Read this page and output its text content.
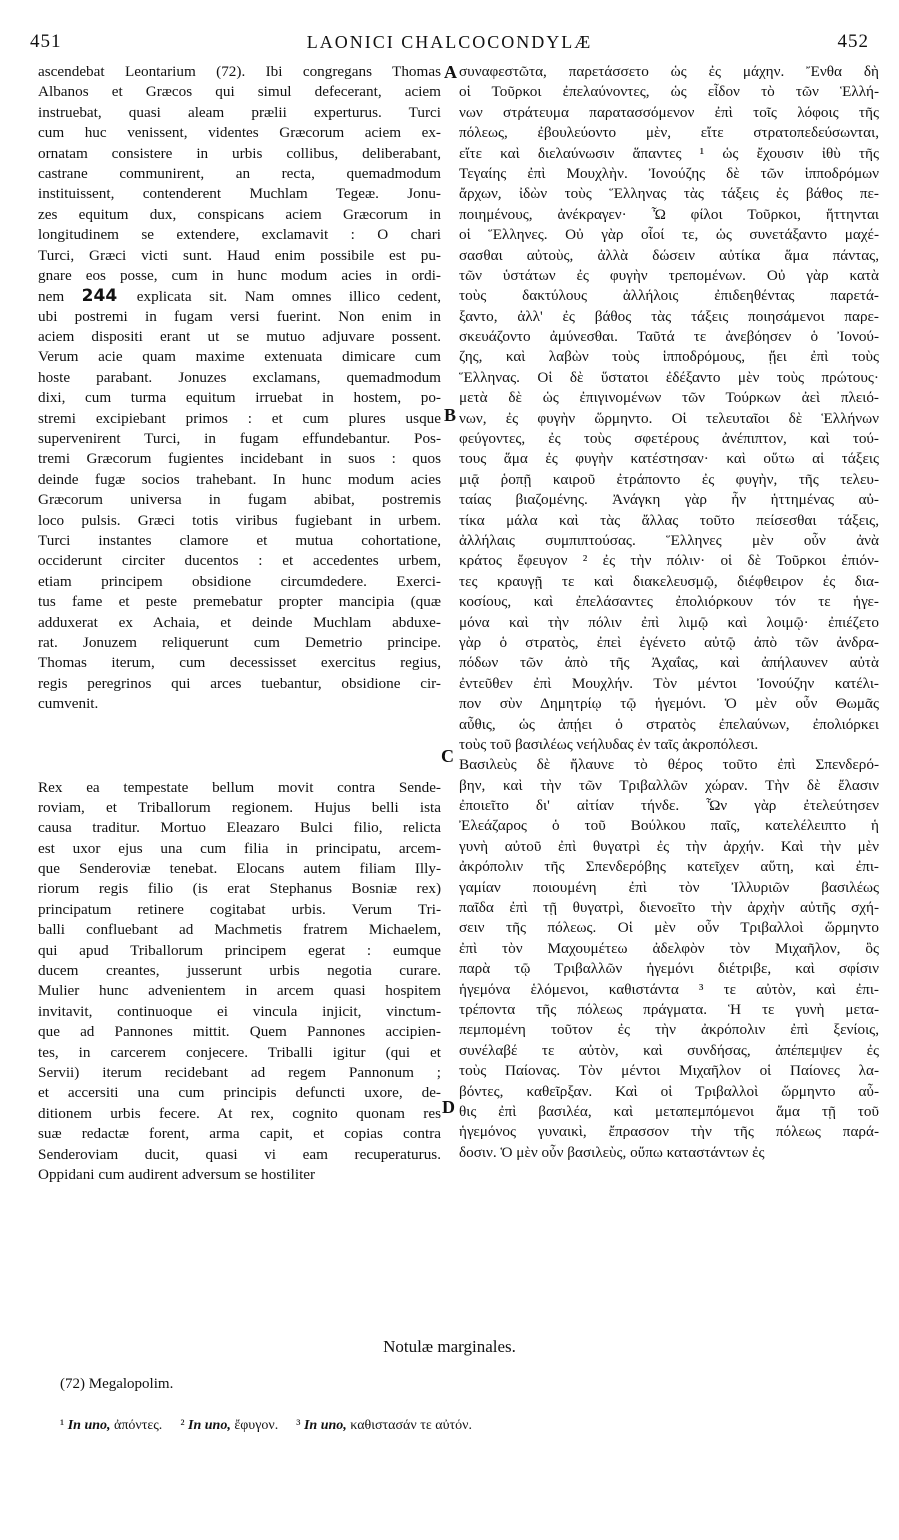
451	LAONICI CHALCOCONDYLÆ	452
ascendebat Leontarium (72). Ibi congregans Thomas
Albanos et Græcos qui simul defecerant, aciem
instruebat, quasi aleam prælii experturus. Turci
cum huc venissent, videntes Græcorum aciem ex-
ornatam consistere in urbis collibus, deliberabant,
castrane communirent, an recta, quemadmodum
instituissent, contenderent Muchlam Tegeæ. Jonu-
zes equitum dux, conspicans aciem Græcorum in
longitudinem se extendere, exclamavit : O chari
Turci, Græci victi sunt. Haud enim possibile est pu-
gnare eos posse, cum in hunc modum acies in ordi-
nem 244 explicata sit. Nam omnes illico cedent,
ubi postremi in fugam versi fuerint. Non enim in
aciem dispositi erant ut se mutuo adjuvare possent.
Verum acie quam maxime extenuata dimicare cum
hoste parabant. Jonuzes exclamans, quemadmodum
dixi, cum turma equitum irruebat in hostem, po-
stremi excipiebant primos : et cum plures usque
supervenirent Turci, in fugam effundebantur. Pos-
tremi Græcorum fugientes incidebant in suos : quos
deinde fugæ socios trahebant. In hunc modum acies
Græcorum universa in fugam abibat, postremis
loco pulsis. Græci totis viribus fugiebant in urbem.
Turci instantes clamore et mutua cohortatione,
occiderunt circiter ducentos : et accedentes urbem,
etiam principem obsidione circumdedere. Exerci-
tus fame et peste premebatur propter mancipia (quæ
adduxerat ex Achaia, et deinde Muchlam abduxe-
rat. Jonuzem reliquerunt cum Demetrio principe.
Thomas iterum, cum decessisset exercitus regius,
regis peregrinos qui arces tuebantur, obsidione cir-
cumvenit.
Rex ea tempestate bellum movit contra Sende-
roviam, et Triballorum regionem. Hujus belli ista
causa traditur. Mortuo Eleazaro Bulci filio, relicta
est uxor ejus una cum filia in principatu, arcem-
que Senderoviæ tenebat. Elocans autem filiam Illy-
riorum regis filio (is erat Stephanus Bosniæ rex)
principatum retinere cogitabat urbis. Verum Tri-
balli confluebant ad Machmetis fratrem Michaelem,
qui apud Triballorum principem egerat : eumque
ducem creantes, jusserunt urbis negotia curare.
Mulier hunc advenientem in arcem quasi hospitem
invitavit, continuoque ei vincula injicit, vinctum-
que ad Pannones mittit. Quem Pannones accipien-
tes, in carcerem conjecere. Triballi igitur (qui et
Servii) iterum recidebant ad regem Pannonum ;
et accersiti una cum principis defuncti uxore, de-
ditionem urbis fecere. At rex, cognito quonam res
suæ redactæ forent, arma capit, et copias contra
Senderoviam ducit, quasi vi eam recuperaturus.
Oppidani cum audirent adversum se hostiliter
συναφεστῶτα, παρετάσσετο ὡς ἐς μάχην. Ἔνθα δὴ
οἱ Τοῦρκοι ἐπελαύνοντες, ὡς εἶδον τὸ τῶν Ἑλλή-
νων στράτευμα παρατασσόμενον ἐπὶ τοῖς λόφοις τῆς
πόλεως, ἐβουλεύοντο μὲν, εἴτε στρατοπεδεύσωνται,
εἴτε καὶ διελαύνωσιν ἅπαντες ¹ ὡς ἔχουσιν ἰθὺ τῆς
Τεγαίης ἐπὶ Μουχλὴν. Ἰονούζης δὲ τῶν ἱπποδρόμων
ἄρχων, ἰδὼν τοὺς Ἕλληνας τὰς τάξεις ἐς βάθος πε-
ποιημένους, ἀνέκραγεν· Ὦ φίλοι Τοῦρκοι, ἥττηνται
οἱ Ἕλληνες. Οὐ γὰρ οἷοί τε, ὡς συνετάξαντο μαχέ-
σασθαι αὐτοὺς, ἀλλὰ δώσειν αὐτίκα ἅμα πάντας,
τῶν ὑστάτων ἐς φυγὴν τρεπομένων. Οὐ γὰρ κατὰ
τοὺς δακτύλους ἀλλήλοις ἐπιδεηθέντας παρετά-
ξαντο, ἀλλ' ἐς βάθος τὰς τάξεις ποιησάμενοι παρε-
σκευάζοντο ἀμύνεσθαι. Ταῦτά τε ἀνεβόησεν ὁ Ἰονού-
ζης, καὶ λαβὼν τοὺς ἱπποδρόμους, ᾔει ἐπὶ τοὺς
Ἕλληνας. Οἱ δὲ ὕστατοι ἐδέξαντο μὲν τοὺς πρώτους·
μετὰ δὲ ὡς ἐπιγινομένων τῶν Τούρκων ἀεὶ πλειό-
νων, ἐς φυγὴν ὥρμηντο. Οἱ τελευταῖοι δὲ Ἑλλήνων
φεύγοντες, ἐς τοὺς σφετέρους ἀνέπιπτον, καὶ τού-
τους ἅμα ἐς φυγὴν κατέστησαν· καὶ οὕτω αἱ τάξεις
μιᾷ ῥοπῇ καιροῦ ἐτράποντο ἐς φυγὴν, τῆς τελευ-
ταίας βιαζομένης. Ἀνάγκη γὰρ ἦν ἡττημένας αὐ-
τίκα μάλα καὶ τὰς ἄλλας τοῦτο πείσεσθαι τάξεις,
ἀλλήλαις συμπιπτούσας. Ἕλληνες μὲν οὖν ἀνὰ
κράτος ἔφευγον ² ἐς τὴν πόλιν· οἱ δὲ Τοῦρκοι ἐπιόν-
τες κραυγῇ τε καὶ διακελευσμῷ, διέφθειρον ἐς δια-
κοσίους, καὶ ἐπελάσαντες ἐπολιόρκουν τόν τε ἡγε-
μόνα καὶ τὴν πόλιν ἐπὶ λιμῷ καὶ λοιμῷ· ἐπιέζετο
γὰρ ὁ στρατὸς, ἐπεὶ ἐγένετο αὐτῷ ἀπὸ τῶν ἀνδρα-
πόδων τῶν ἀπὸ τῆς Ἀχαΐας, καὶ ἀπήλαυνεν αὐτὰ
ἐντεῦθεν ἐπὶ Μουχλήν. Τὸν μέντοι Ἰονούζην κατέλι-
πον σὺν Δημητρίῳ τῷ ἡγεμόνι. Ὁ μὲν οὖν Θωμᾶς
αὖθις, ὡς ἀπῄει ὁ στρατὸς ἐπελαύνων, ἐπολιόρκει
τοὺς τοῦ βασιλέως νεήλυδας ἐν ταῖς ἀκροπόλεσι.
Βασιλεὺς δὲ ἤλαυνε τὸ θέρος τοῦτο ἐπὶ Σπενδερό-
βην, καὶ τὴν τῶν Τριβαλλῶν χώραν. Τὴν δὲ ἔλασιν
ἐποιεῖτο δι' αἰτίαν τήνδε. Ὧν γὰρ ἐτελεύτησεν
Ἐλεάζαρος ὁ τοῦ Βούλκου παῖς, κατελέλειπτο ἡ
γυνὴ αὐτοῦ ἐπὶ θυγατρὶ ἐς τὴν ἀρχήν. Καὶ τὴν μὲν
ἀκρόπολιν τῆς Σπενδερόβης κατεῖχεν αὕτη, καὶ ἐπι-
γαμίαν ποιουμένη ἐπὶ τὸν Ἰλλυριῶν βασιλέως
παῖδα ἐπὶ τῇ θυγατρὶ, διενοεῖτο τὴν ἀρχὴν αὐτῆς σχή-
σειν τῆς πόλεως. Οἱ μὲν οὖν Τριβαλλοὶ ὥρμηντο
ἐπὶ τὸν Μαχουμέτεω ἀδελφὸν τὸν Μιχαῆλον, ὃς
παρὰ τῷ Τριβαλλῶν ἡγεμόνι διέτριβε, καὶ σφίσιν
ἡγεμόνα ἑλόμενοι, καθιστάντα ³ τε αὐτὸν, καὶ ἐπι-
τρέποντα τῆς πόλεως πράγματα. Ἡ τε γυνὴ μετα-
πεμπομένη τοῦτον ἐς τὴν ἀκρόπολιν ἐπὶ ξενίοις,
συνέλαβέ τε αὐτὸν, καὶ συνδήσας, ἀπέπεμψεν ἐς
τοὺς Παίονας. Τὸν μέντοι Μιχαῆλον οἱ Παίονες λα-
βόντες, καθεῖρξαν. Καὶ οἱ Τριβαλλοὶ ὥρμηντο αὖ-
θις ἐπὶ βασιλέα, καὶ μεταπεμπόμενοι ἅμα τῇ τοῦ
ἡγεμόνος γυναικὶ, ἔπρασσον τὴν τῆς πόλεως παρά-
δοσιν. Ὁ μὲν οὖν βασιλεὺς, οὔπω καταστάντων ἐς
A
B
C
D
Notulæ marginales.
(72) Megalopolim.
¹ In uno, ἀπόντες. ² In uno, ἔφυγον. ³ In uno, καθιστασάν τε αὐτόν.
